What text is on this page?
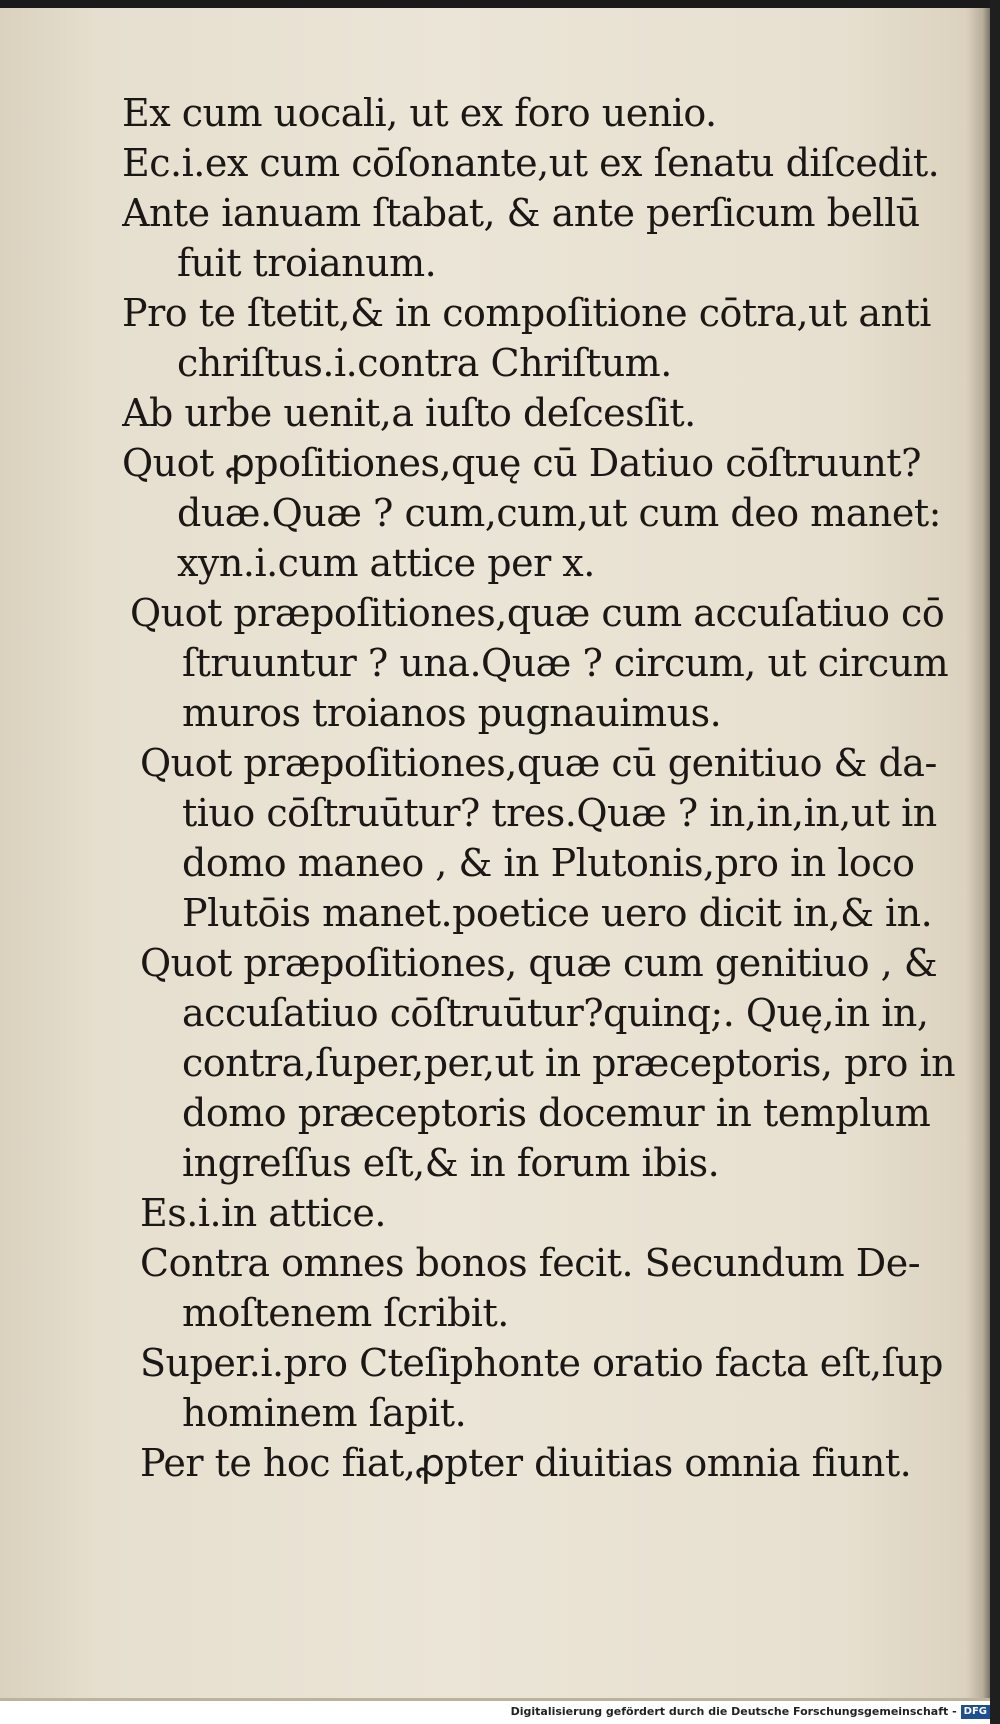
Ex cum uocali, ut ex foro uenio.
Ec.i.ex cum cōſonante,ut ex ſenatu diſcedit.
Ante ianuam ſtabat, & ante perſicum bellū
fuit troianum.
Pro te ſtetit,& in compoſitione cōtra,ut anti
chriſtus.i.contra Chriſtum.
Ab urbe uenit,a iuſto deſcesſit.
Quot ꝓpoſitiones,quę cū Datiuo cōſtruunt?
duæ.Quæ ? cum,cum,ut cum deo manet:
xyn.i.cum attice per x.
Quot præpoſitiones,quæ cum accuſatiuo cō
ſtruuntur ? una.Quæ ? circum, ut circum
muros troianos pugnauimus.
Quot præpoſitiones,quæ cū genitiuo & da-
tiuo cōſtruūtur? tres.Quæ ? in,in,in,ut in
domo maneo , & in Plutonis,pro in loco
Plutōis manet.poetice uero dicit in,& in.
Quot præpoſitiones, quæ cum genitiuo , &
accuſatiuo cōſtruūtur?quinq;. Quę,in in,
contra,ſuper,per,ut in præceptoris, pro in
domo præceptoris docemur in templum
ingreſſus eſt,& in forum ibis.
Es.i.in attice.
Contra omnes bonos fecit. Secundum De-
moſtenem ſcribit.
Super.i.pro Cteſiphonte oratio facta eſt,ſup
hominem ſapit.
Per te hoc fiat,ꝓpter diuitias omnia fiunt.
Digitalisierung gefördert durch die Deutsche Forschungsgemeinschaft - DFG
